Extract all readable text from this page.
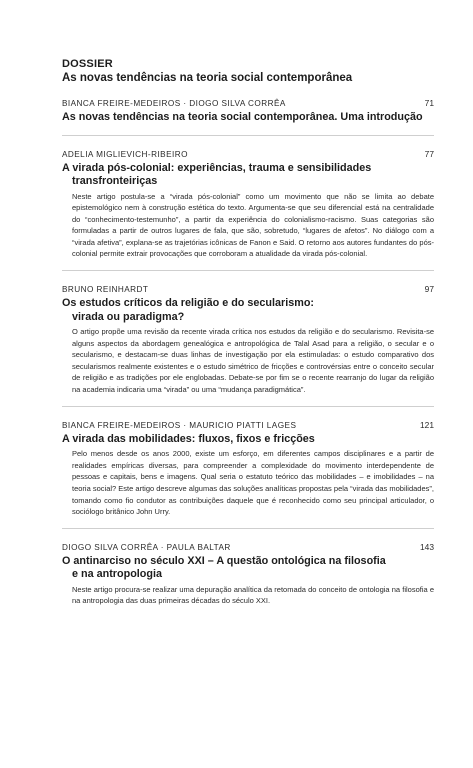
DOSSIER
As novas tendências na teoria social contemporânea
BIANCA FREIRE-MEDEIROS · DIOGO SILVA CORRÊA	71
As novas tendências na teoria social contemporânea. Uma introdução
ADELIA MIGLIEVICH-RIBEIRO	77
A virada pós-colonial: experiências, trauma e sensibilidades
transfronteiriças
Neste artigo postula-se a “virada pós-colonial” como um movimento que não se limita ao debate epistemológico nem à construção estética do texto. Argumenta-se que seu diferencial está na centralidade do “conhecimento-testemunho”, a partir da experiência do colonialismo-racismo. Suas categorias são formuladas a partir de outros lugares de fala, que são, sobretudo, “lugares de afetos”. No diálogo com a “virada afetiva”, explana-se as trajetórias icônicas de Fanon e Said. O retorno aos autores fundantes do pós-colonial permite extrair provocações que corroboram a atualidade da virada pós-colonial.
BRUNO REINHARDT	97
Os estudos críticos da religião e do secularismo:
virada ou paradigma?
O artigo propõe uma revisão da recente virada crítica nos estudos da religião e do secularismo. Revisita-se alguns aspectos da abordagem genealógica e antropológica de Talal Asad para a religião, o secular e o secularismo, e destacam-se duas linhas de investigação por ela estimuladas: o estudo comparativo dos secularismos realmente existentes e o estudo simétrico de fricções e controvérsias entre o conceito secular de religião e as tradições por ele englobadas. Debate-se por fim se o recente rearranjo do lugar da religião na academia indicaria uma “virada” ou uma “mudança paradigmática”.
BIANCA FREIRE-MEDEIROS · MAURICIO PIATTI LAGES	121
A virada das mobilidades: fluxos, fixos e fricções
Pelo menos desde os anos 2000, existe um esforço, em diferentes campos disciplinares e a partir de realidades empíricas diversas, para compreender a complexidade do movimento interdependente de pessoas e capitais, bens e imagens. Qual seria o estatuto teórico das mobilidades – e imobilidades – na teoria social? Este artigo descreve algumas das soluções analíticas propostas pela “virada das mobilidades”, tomando como fio condutor as contribuições daquele que é reconhecido como seu principal articulador, o sociólogo britânico John Urry.
DIOGO SILVA CORRÊA · PAULA BALTAR	143
O antinarciso no século XXI – A questão ontológica na filosofia
e na antropologia
Neste artigo procura-se realizar uma depuração analítica da retomada do conceito de ontologia na filosofia e na antropologia das duas primeiras décadas do século XXI.
